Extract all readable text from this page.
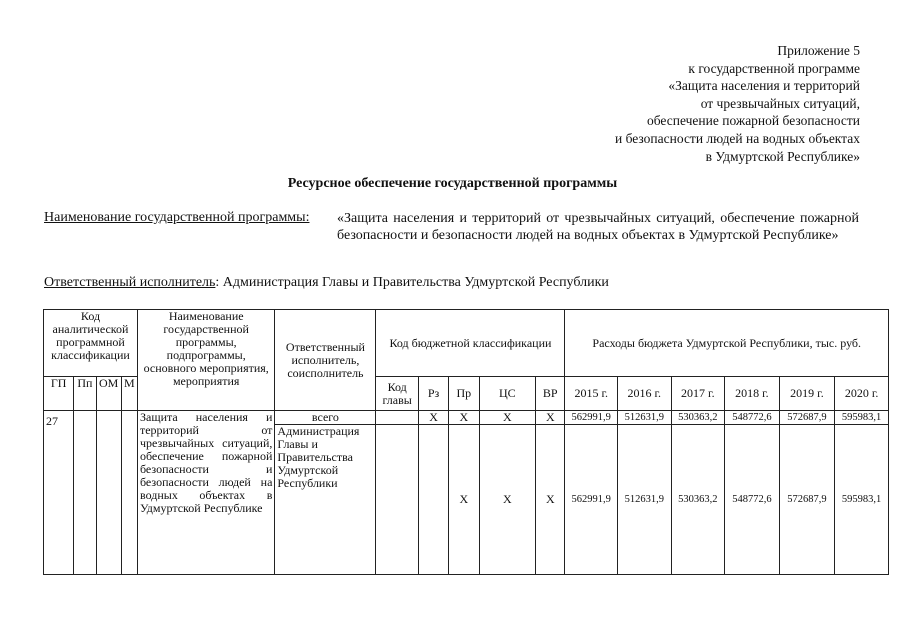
Приложение 5
к государственной программе
«Защита населения и территорий
от чрезвычайных ситуаций,
обеспечение пожарной безопасности
и безопасности людей на водных объектах
в Удмуртской Республике»
Ресурсное обеспечение государственной программы
Наименование государственной программы: «Защита населения и территорий от чрезвычайных ситуаций, обеспечение пожарной безопасности и безопасности людей на водных объектах в Удмуртской Республике»
Ответственный исполнитель: Администрация Главы и Правительства Удмуртской Республики
Код аналитической программной классификации				Наименование государственной программы, подпрограммы, основного мероприятия, мероприятия	Ответственный исполнитель, соисполнитель	Код бюджетной классификации					Расходы бюджета Удмуртской Республики, тыс. руб.					
ГП	Пп	ОМ	М			Код главы	Рз	Пр	ЦС	ВР	2015 г.	2016 г.	2017 г.	2018 г.	2019 г.	2020 г.
27				Защита населения и территорий от чрезвычайных ситуаций, обеспечение пожарной безопасности и безопасности людей на водных объектах в Удмуртской Республике	всего		Х	Х	Х	Х	562991,9	512631,9	530363,2	548772,6	572687,9	595983,1
					Администрация Главы и Правительства Удмуртской Республики			Х	Х	Х	562991,9	512631,9	530363,2	548772,6	572687,9	595983,1
